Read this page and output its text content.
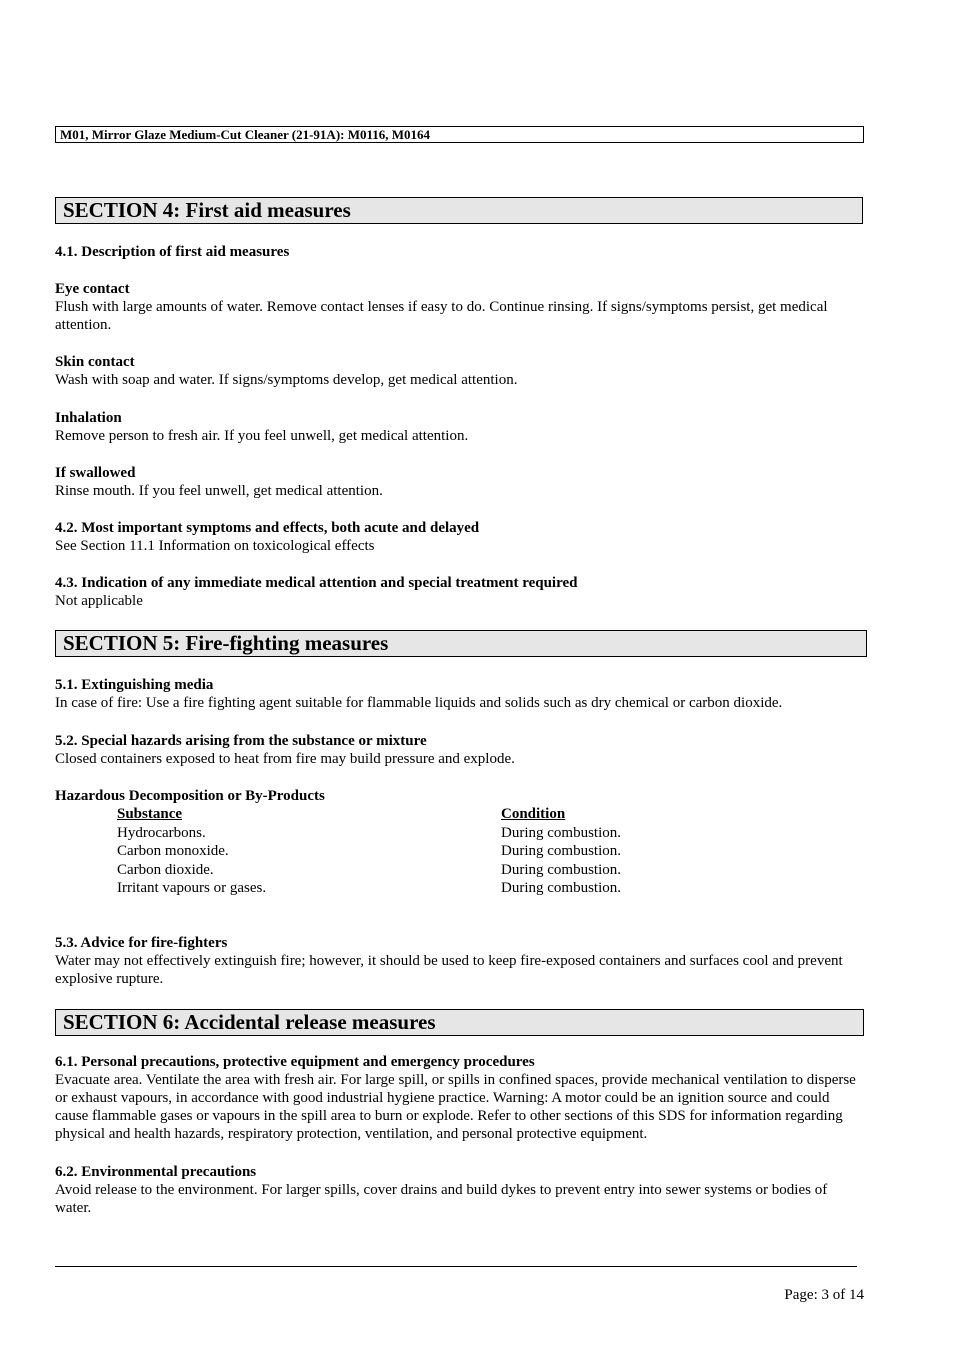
M01, Mirror Glaze Medium-Cut Cleaner (21-91A): M0116, M0164
SECTION 4: First aid measures
4.1. Description of first aid measures
Eye contact

Flush with large amounts of water. Remove contact lenses if easy to do. Continue rinsing. If signs/symptoms persist, get medical attention.

Skin contact

Wash with soap and water. If signs/symptoms develop, get medical attention.

Inhalation

Remove person to fresh air. If you feel unwell, get medical attention.

If swallowed

Rinse mouth. If you feel unwell, get medical attention.

4.2. Most important symptoms and effects, both acute and delayed

See Section 11.1 Information on toxicological effects

4.3. Indication of any immediate medical attention and special treatment required

Not applicable

SECTION 5: Fire-fighting measures
5.1. Extinguishing media

In case of fire: Use a fire fighting agent suitable for flammable liquids and solids such as dry chemical or carbon dioxide.

5.2. Special hazards arising from the substance or mixture

Closed containers exposed to heat from fire may build pressure and explode.

Hazardous Decomposition or By-Products
Substance	Condition
Hydrocarbons.	During combustion.
Carbon monoxide.	During combustion.
Carbon dioxide.	During combustion.
Irritant vapours or gases.	During combustion.
5.3. Advice for fire-fighters

Water may not effectively extinguish fire; however, it should be used to keep fire-exposed containers and surfaces cool and prevent explosive rupture.

SECTION 6: Accidental release measures
6.1. Personal precautions, protective equipment and emergency procedures

Evacuate area. Ventilate the area with fresh air. For large spill, or spills in confined spaces, provide mechanical ventilation to disperse or exhaust vapours, in accordance with good industrial hygiene practice. Warning: A motor could be an ignition source and could cause flammable gases or vapours in the spill area to burn or explode. Refer to other sections of this SDS for information regarding physical and health hazards, respiratory protection, ventilation, and personal protective equipment.

6.2. Environmental precautions

Avoid release to the environment. For larger spills, cover drains and build dykes to prevent entry into sewer systems or bodies of water.

Page: 3 of 14
